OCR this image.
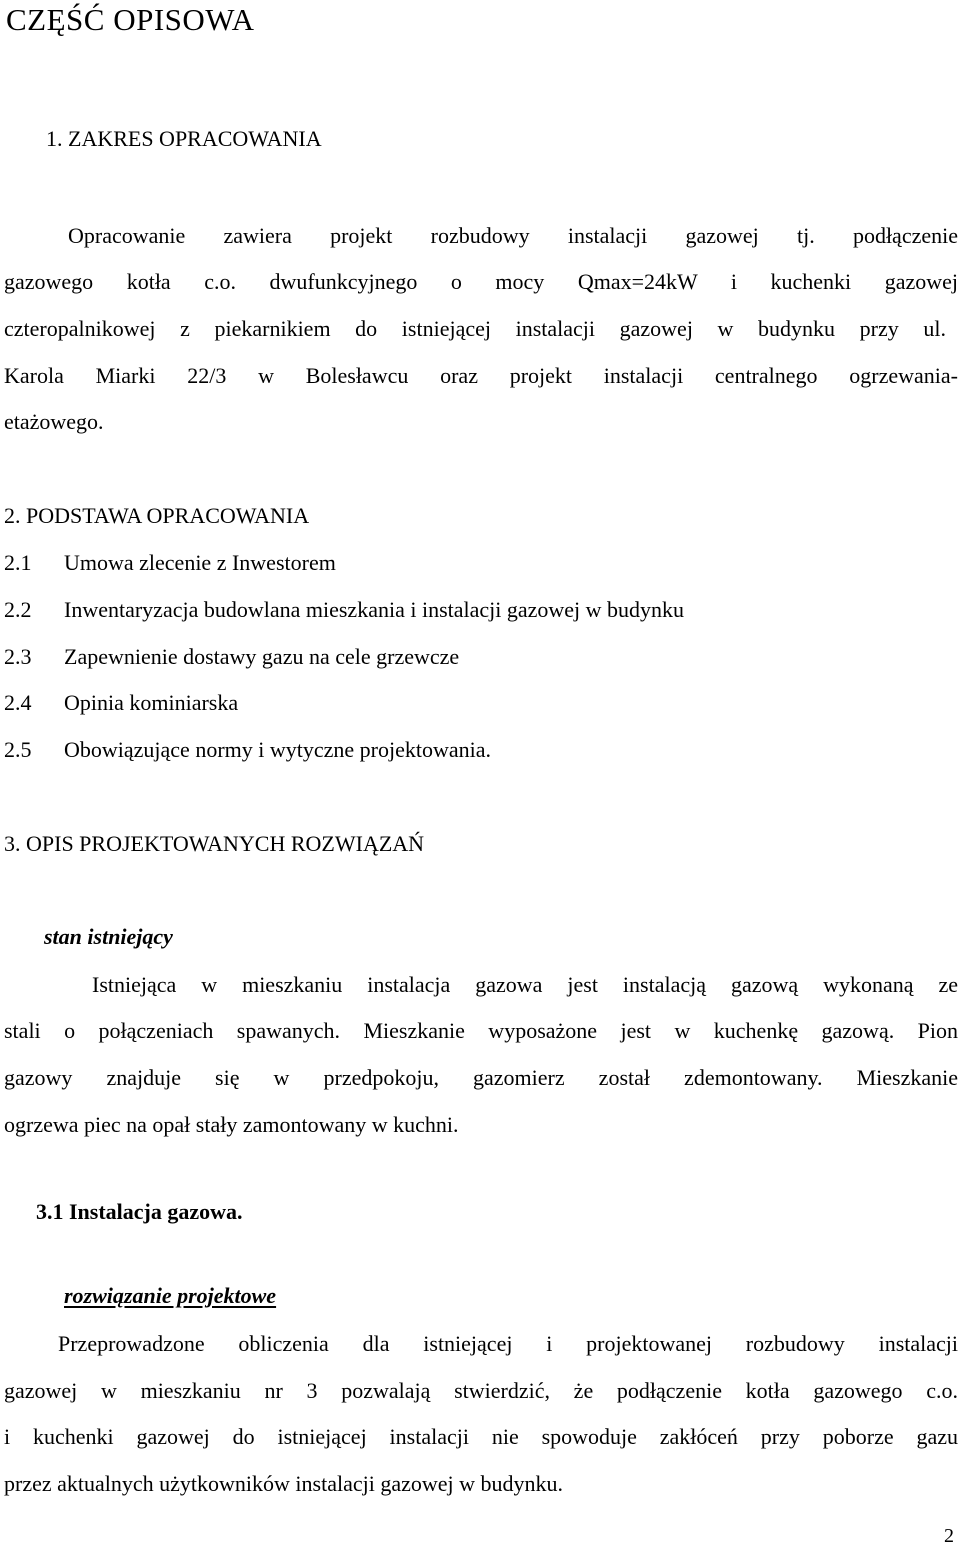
CZĘŚĆ OPISOWA
1. ZAKRES OPRACOWANIA
Opracowanie zawiera projekt rozbudowy instalacji gazowej tj. podłączenie
gazowego kotła c.o. dwufunkcyjnego o mocy Qmax=24kW i kuchenki gazowej
czteropalnikowej z piekarnikiem do istniejącej instalacji gazowej w budynku przy ul.
Karola Miarki 22/3 w Bolesławcu oraz projekt instalacji centralnego ogrzewania-
etażowego.
2. PODSTAWA OPRACOWANIA
2.1	Umowa zlecenie z Inwestorem
2.2	Inwentaryzacja budowlana mieszkania i instalacji gazowej w budynku
2.3	Zapewnienie dostawy gazu na cele grzewcze
2.4	Opinia kominiarska
2.5	Obowiązujące normy i wytyczne projektowania.
3. OPIS PROJEKTOWANYCH ROZWIĄZAŃ
stan istniejący
Istniejąca w mieszkaniu instalacja gazowa jest instalacją gazową wykonaną ze
stali o połączeniach spawanych. Mieszkanie wyposażone jest w kuchenkę gazową. Pion
gazowy znajduje się w przedpokoju, gazomierz został zdemontowany. Mieszkanie
ogrzewa piec na opał stały zamontowany w kuchni.
3.1 Instalacja gazowa.
rozwiązanie projektowe
Przeprowadzone obliczenia dla istniejącej i projektowanej rozbudowy instalacji
gazowej w mieszkaniu nr 3 pozwalają stwierdzić, że podłączenie kotła gazowego c.o.
i kuchenki gazowej do istniejącej instalacji nie spowoduje zakłóceń przy poborze gazu
przez aktualnych użytkowników instalacji gazowej w budynku.
2
